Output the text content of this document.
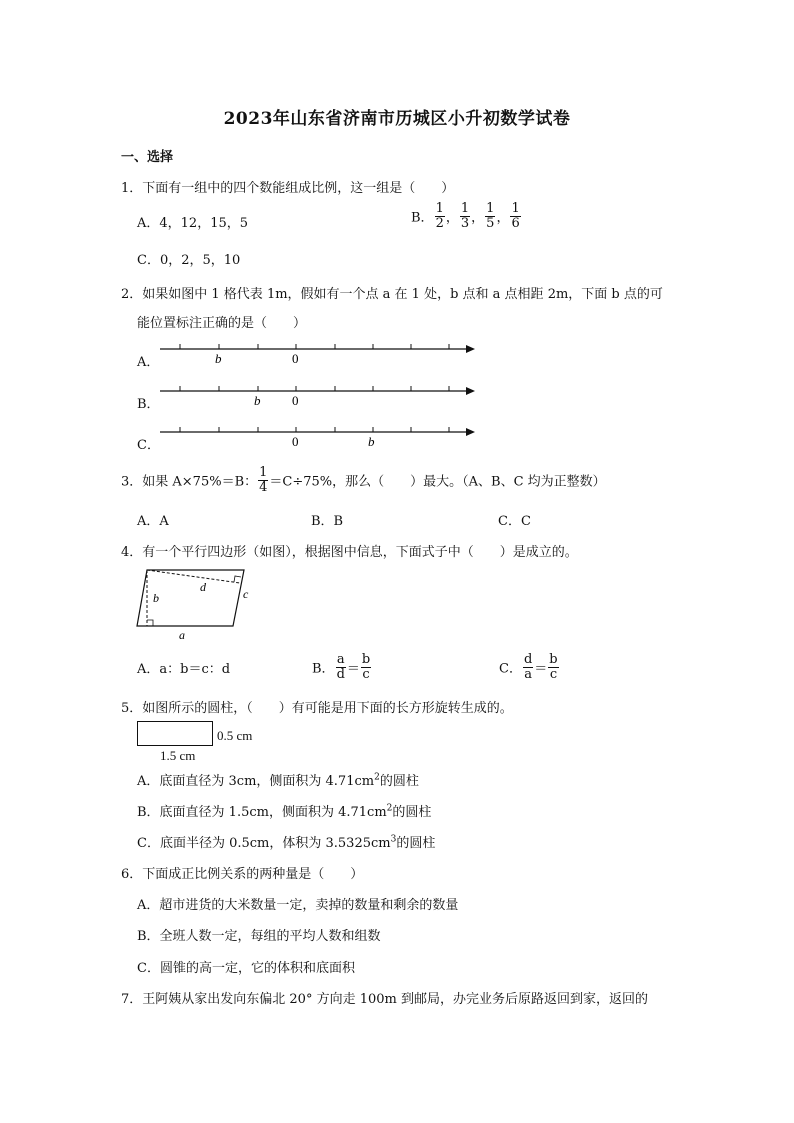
2023年山东省济南市历城区小升初数学试卷
一、选择
1．下面有一组中的四个数能组成比例，这一组是（　　）
A．4，12，15，5	B． $\frac{1}{2}$ ， $\frac{1}{3}$ ， $\frac{1}{5}$ ， $\frac{1}{6}$
C．0，2，5，10
2．如果如图中 1 格代表 1m，假如有一个点 a 在 1 处，b 点和 a 点相距 2m，下面 b 点的可
能位置标注正确的是（　　）
A．
B．
C．
b	0
b 0
0	b
3．如果 A×75%＝B： $\frac{1}{4} =C\div 75\%$，那么（　　）最大。（A、B、C 均为正整数）
A．A	B．B	C．C
4．有一个平行四边形（如图），根据图中信息，下面式子中（　　）是成立的。
b
d	c
a
A．a：b＝c：d	B． $\frac{a}{d} = \frac{b}{c}$	C． $\frac{d}{a} = \frac{b}{c}$
5．如图所示的圆柱，（　　）有可能是用下面的长方形旋转生成的。
0.5 cm
1.5 cm
A．底面直径为 3cm，侧面积为 $4.71cm^2$的圆柱
B．底面直径为 1.5cm，侧面积为 $4.71cm^2$的圆柱
C．底面半径为 0.5cm，体积为 $3.5325cm^3$的圆柱
6．下面成正比例关系的两种量是（　　）
A．超市进货的大米数量一定，卖掉的数量和剩余的数量
B．全班人数一定，每组的平均人数和组数
C．圆锥的高一定，它的体积和底面积
7．王阿姨从家出发向东偏北 20° 方向走 100m 到邮局，办完业务后原路返回到家，返回的
